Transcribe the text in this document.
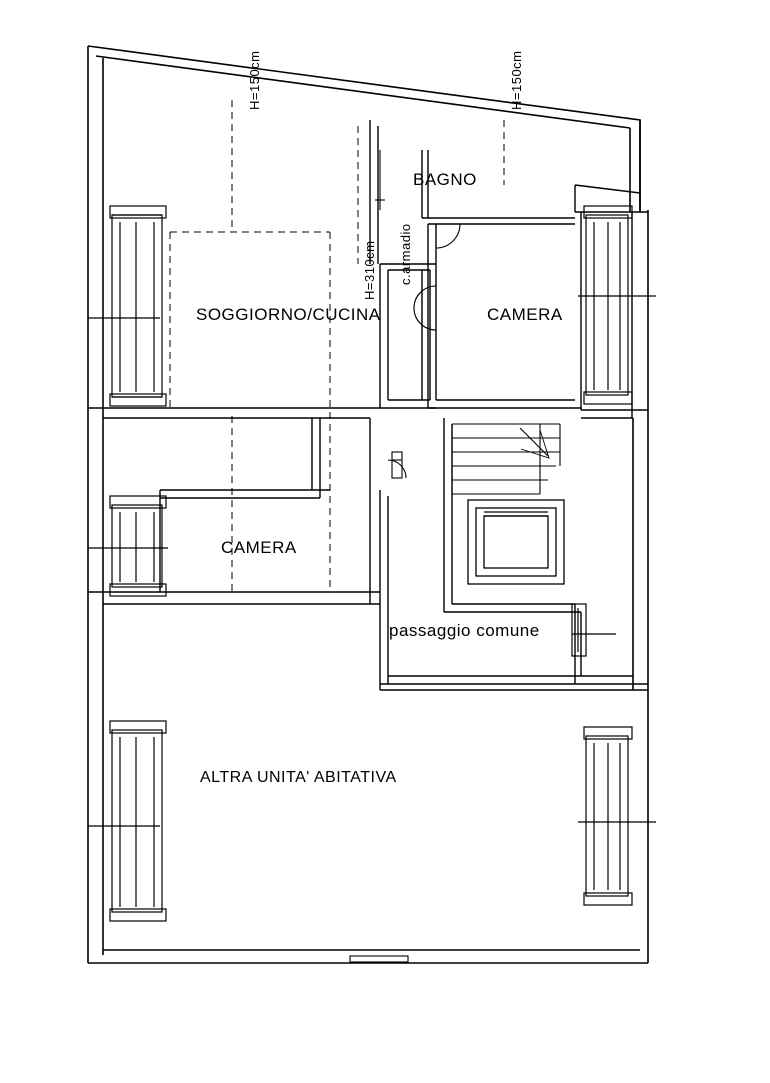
SOGGIORNO/CUCINA	CAMERA
CAMERA
BAGNO
c.armadio
passaggio comune
ALTRA UNITA' ABITATIVA
H=150cm	H=150cm
H=310cm
